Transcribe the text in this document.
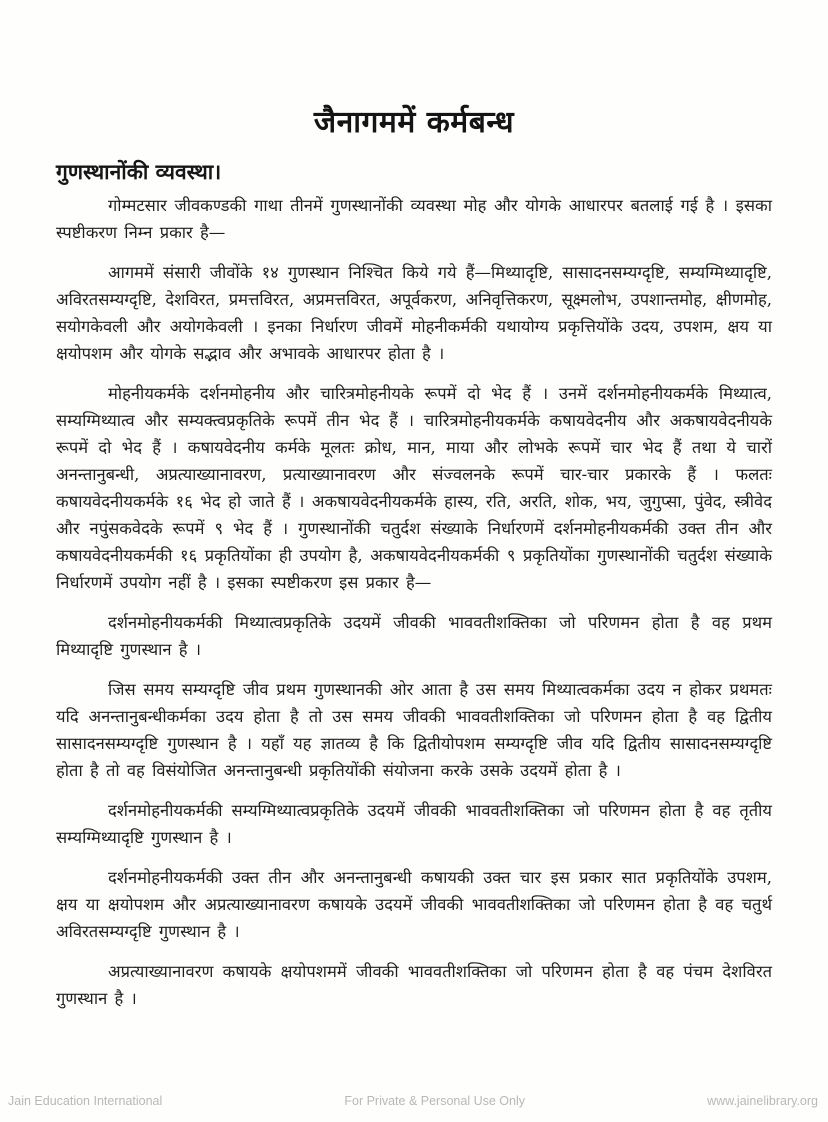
जैनागममें कर्मबन्ध
गुणस्थानोंकी व्यवस्था।

गोम्मटसार जीवकण्डकी गाथा तीनमें गुणस्थानोंकी व्यवस्था मोह और योगके आधारपर बतलाई गई है । इसका स्पष्टीकरण निम्न प्रकार है—

आगममें संसारी जीवोंके १४ गुणस्थान निश्चित किये गये हैं—मिथ्यादृष्टि, सासादनसम्यग्दृष्टि, सम्यग्मिथ्यादृष्टि, अविरतसम्यग्दृष्टि, देशविरत, प्रमत्तविरत, अप्रमत्तविरत, अपूर्वकरण, अनिवृत्तिकरण, सूक्ष्मलोभ, उपशान्तमोह, क्षीणमोह, सयोगकेवली और अयोगकेवली । इनका निर्धारण जीवमें मोहनीकर्मकी यथायोग्य प्रकृत्तियोंके उदय, उपशम, क्षय या क्षयोपशम और योगके सद्भाव और अभावके आधारपर होता है ।

मोहनीयकर्मके दर्शनमोहनीय और चारित्रमोहनीयके रूपमें दो भेद हैं । उनमें दर्शनमोहनीयकर्मके मिथ्यात्व, सम्यग्मिथ्यात्व और सम्यक्त्वप्रकृतिके रूपमें तीन भेद हैं । चारित्रमोहनीयकर्मके कषायवेदनीय और अकषायवेदनीयके रूपमें दो भेद हैं । कषायवेदनीय कर्मके मूलतः क्रोध, मान, माया और लोभके रूपमें चार भेद हैं तथा ये चारों अनन्तानुबन्धी, अप्रत्याख्यानावरण, प्रत्याख्यानावरण और संज्वलनके रूपमें चार-चार प्रकारके हैं । फलतः कषायवेदनीयकर्मके १६ भेद हो जाते हैं । अकषायवेदनीयकर्मके हास्य, रति, अरति, शोक, भय, जुगुप्सा, पुंवेद, स्त्रीवेद और नपुंसकवेदके रूपमें ९ भेद हैं । गुणस्थानोंकी चतुर्दश संख्याके निर्धारणमें दर्शनमोहनीयकर्मकी उक्त तीन और कषायवेदनीयकर्मकी १६ प्रकृतियोंका ही उपयोग है, अकषायवेदनीयकर्मकी ९ प्रकृतियोंका गुणस्थानोंकी चतुर्दश संख्याके निर्धारणमें उपयोग नहीं है । इसका स्पष्टीकरण इस प्रकार है—

दर्शनमोहनीयकर्मकी मिथ्यात्वप्रकृतिके उदयमें जीवकी भाववतीशक्तिका जो परिणमन होता है वह प्रथम मिथ्यादृष्टि गुणस्थान है ।

जिस समय सम्यग्दृष्टि जीव प्रथम गुणस्थानकी ओर आता है उस समय मिथ्यात्वकर्मका उदय न होकर प्रथमतः यदि अनन्तानुबन्धीकर्मका उदय होता है तो उस समय जीवकी भाववतीशक्तिका जो परिणमन होता है वह द्वितीय सासादनसम्यग्दृष्टि गुणस्थान है । यहाँ यह ज्ञातव्य है कि द्वितीयोपशम सम्यग्दृष्टि जीव यदि द्वितीय सासादनसम्यग्दृष्टि होता है तो वह विसंयोजित अनन्तानुबन्धी प्रकृतियोंकी संयोजना करके उसके उदयमें होता है ।

दर्शनमोहनीयकर्मकी सम्यग्मिथ्यात्वप्रकृतिके उदयमें जीवकी भाववतीशक्तिका जो परिणमन होता है वह तृतीय सम्यग्मिथ्यादृष्टि गुणस्थान है ।

दर्शनमोहनीयकर्मकी उक्त तीन और अनन्तानुबन्धी कषायकी उक्त चार इस प्रकार सात प्रकृतियोंके उपशम, क्षय या क्षयोपशम और अप्रत्याख्यानावरण कषायके उदयमें जीवकी भाववतीशक्तिका जो परिणमन होता है वह चतुर्थ अविरतसम्यग्दृष्टि गुणस्थान है ।

अप्रत्याख्यानावरण कषायके क्षयोपशममें जीवकी भाववतीशक्तिका जो परिणमन होता है वह पंचम देशविरत गुणस्थान है ।

Jain Education International	For Private & Personal Use Only	www.jainelibrary.org
